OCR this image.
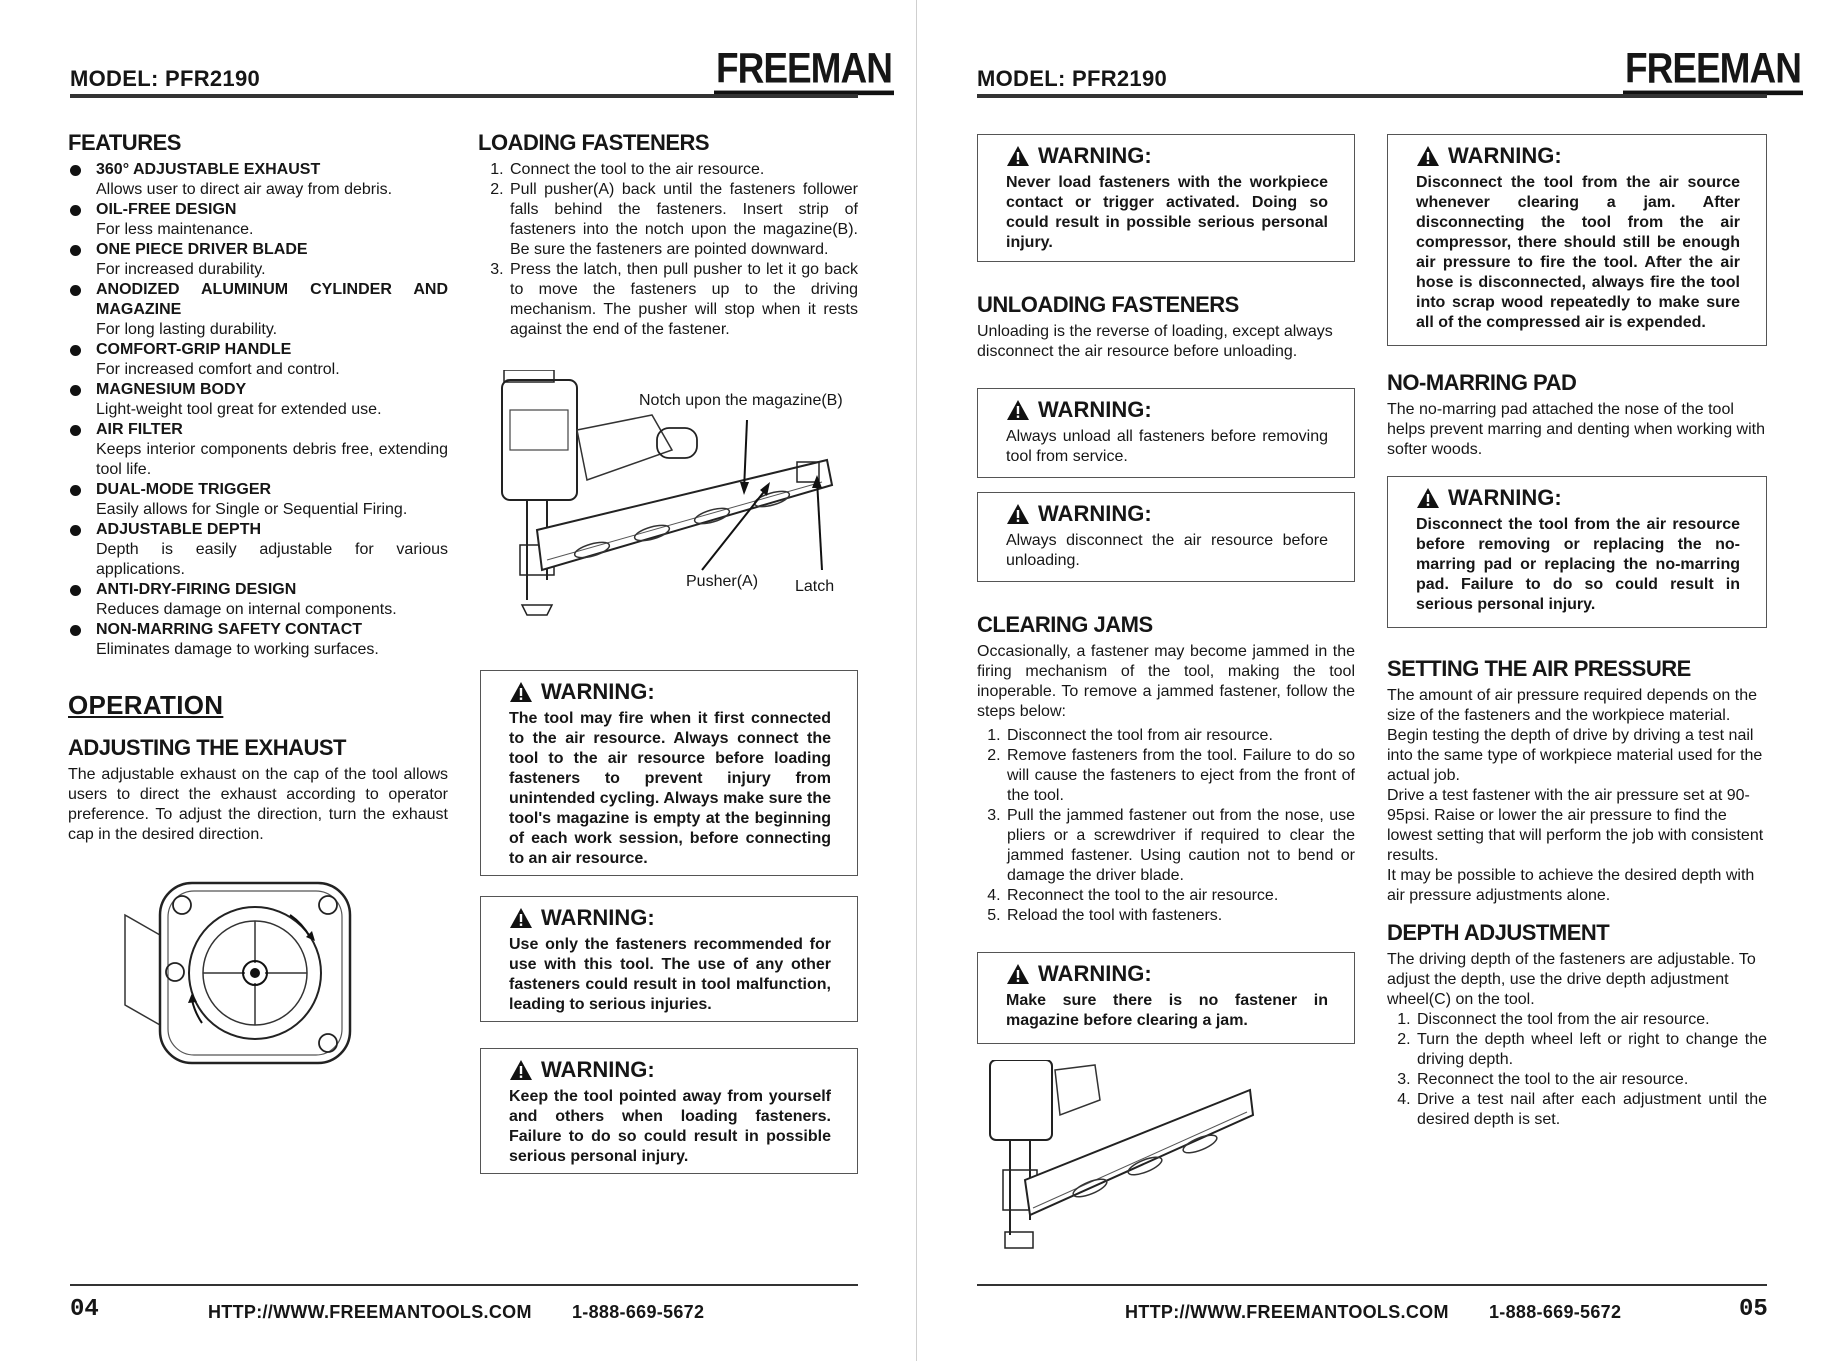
MODEL: PFR2190	FREEMAN
FEATURES
360° ADJUSTABLE EXHAUST
Allows user to direct air away from debris.
OIL-FREE DESIGN
For less maintenance.
ONE PIECE DRIVER BLADE
For increased durability.
ANODIZED ALUMINUM CYLINDER AND MAGAZINE
For long lasting durability.
COMFORT-GRIP HANDLE
For increased comfort and control.
MAGNESIUM BODY
Light-weight tool great for extended use.
AIR FILTER
Keeps interior components debris free, extending tool life.
DUAL-MODE TRIGGER
Easily allows for Single or Sequential Firing.
ADJUSTABLE DEPTH
Depth is easily adjustable for various applications.
ANTI-DRY-FIRING DESIGN
Reduces damage on internal components.
NON-MARRING SAFETY CONTACT
Eliminates damage to working surfaces.
OPERATION
ADJUSTING THE EXHAUST

The adjustable exhaust on the cap of the tool allows users to direct the exhaust according to operator preference. To adjust the direction, turn the exhaust cap in the desired direction.

LOADING FASTENERS
1. Connect the tool to the air resource.
2. Pull pusher(A) back until the fasteners follower falls behind the fasteners. Insert strip of fasteners into the notch upon the magazine(B). Be sure the fasteners are pointed downward.
3. Press the latch, then pull pusher to let it go back to move the fasteners up to the driving mechanism. The pusher will stop when it rests against the end of the fastener.
Notch upon the magazine(B)
Pusher(A) Latch
WARNING:
The tool may fire when it first connected to the air resource. Always connect the tool to the air resource before loading fasteners to prevent injury from unintended cycling. Always make sure the tool's magazine is empty at the beginning of each work session, before connecting to an air resource.
WARNING:
Use only the fasteners recommended for use with this tool. The use of any other fasteners could result in tool malfunction, leading to serious injuries.
WARNING:
Keep the tool pointed away from yourself and others when loading fasteners. Failure to do so could result in possible serious personal injury.
04	HTTP://WWW.FREEMANTOOLS.COM 1-888-669-5672
MODEL: PFR2190	FREEMAN
WARNING:
Never load fasteners with the workpiece contact or trigger activated. Doing so could result in possible serious personal injury.
UNLOADING FASTENERS

Unloading is the reverse of loading, except always disconnect the air resource before unloading.

WARNING:
Always unload all fasteners before removing tool from service.
WARNING:
Always disconnect the air resource before unloading.
CLEARING JAMS

Occasionally, a fastener may become jammed in the firing mechanism of the tool, making the tool inoperable. To remove a jammed fastener, follow the steps below:

1. Disconnect the tool from air resource.
2. Remove fasteners from the tool. Failure to do so will cause the fasteners to eject from the front of the tool.
3. Pull the jammed fastener out from the nose, use pliers or a screwdriver if required to clear the jammed fastener. Using caution not to bend or damage the driver blade.
4. Reconnect the tool to the air resource.
5. Reload the tool with fasteners.
WARNING:
Make sure there is no fastener in magazine before clearing a jam.
WARNING:
Disconnect the tool from the air source whenever clearing a jam. After disconnecting the tool from the air compressor, there should still be enough air pressure to fire the tool. After the air hose is disconnected, always fire the tool into scrap wood repeatedly to make sure all of the compressed air is expended.
NO-MARRING PAD

The no-marring pad attached the nose of the tool helps prevent marring and denting when working with softer woods.

WARNING:
Disconnect the tool from the air resource before removing or replacing the no-marring pad or replacing the no-marring pad. Failure to do so could result in serious personal injury.
SETTING THE AIR PRESSURE

The amount of air pressure required depends on the size of the fasteners and the workpiece material. Begin testing the depth of drive by driving a test nail into the same type of workpiece material used for the actual job.

Drive a test fastener with the air pressure set at 90-95psi. Raise or lower the air pressure to find the lowest setting that will perform the job with consistent results.

It may be possible to achieve the desired depth with air pressure adjustments alone.

DEPTH ADJUSTMENT

The driving depth of the fasteners are adjustable. To adjust the depth, use the drive depth adjustment wheel(C) on the tool.

1. Disconnect the tool from the air resource.
2. Turn the depth wheel left or right to change the driving depth.
3. Reconnect the tool to the air resource.
4. Drive a test nail after each adjustment until the desired depth is set.
HTTP://WWW.FREEMANTOOLS.COM 1-888-669-5672	05
